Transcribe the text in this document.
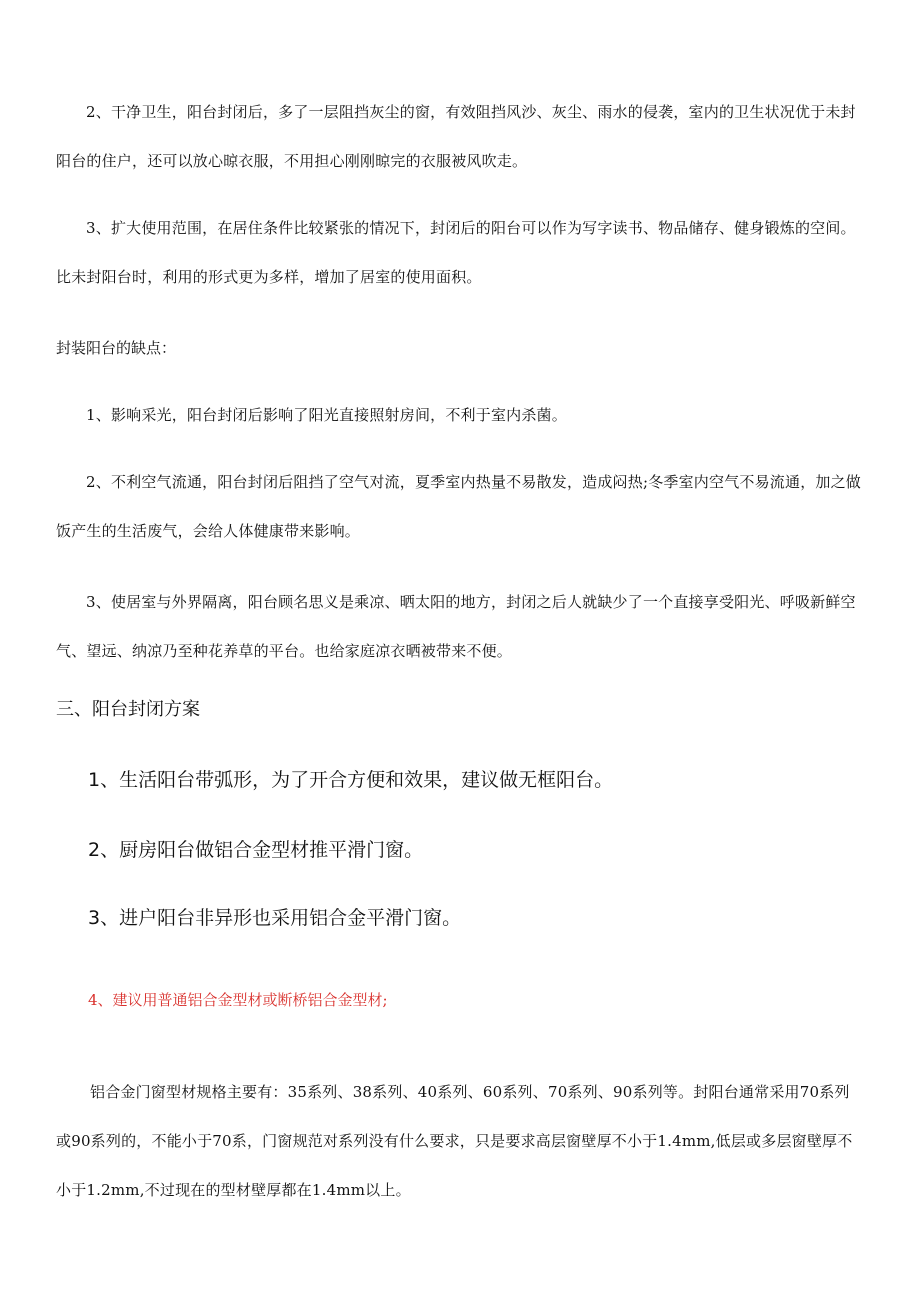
2、干净卫生，阳台封闭后，多了一层阻挡灰尘的窗，有效阻挡风沙、灰尘、雨水的侵袭，室内的卫生状况优于未封阳台的住户，还可以放心晾衣服，不用担心刚刚晾完的衣服被风吹走。

3、扩大使用范围，在居住条件比较紧张的情况下，封闭后的阳台可以作为写字读书、物品储存、健身锻炼的空间。比未封阳台时，利用的形式更为多样，增加了居室的使用面积。

封装阳台的缺点：

1、影响采光，阳台封闭后影响了阳光直接照射房间，不利于室内杀菌。

2、不利空气流通，阳台封闭后阻挡了空气对流，夏季室内热量不易散发，造成闷热;冬季室内空气不易流通，加之做饭产生的生活废气，会给人体健康带来影响。

3、使居室与外界隔离，阳台顾名思义是乘凉、晒太阳的地方，封闭之后人就缺少了一个直接享受阳光、呼吸新鲜空气、望远、纳凉乃至种花养草的平台。也给家庭凉衣晒被带来不便。

三、阳台封闭方案

1、生活阳台带弧形，为了开合方便和效果，建议做无框阳台。

2、厨房阳台做铝合金型材推平滑门窗。

3、进户阳台非异形也采用铝合金平滑门窗。

4、建议用普通铝合金型材或断桥铝合金型材;

铝合金门窗型材规格主要有：35系列、38系列、40系列、60系列、70系列、90系列等。封阳台通常采用70系列或90系列的，不能小于70系，门窗规范对系列没有什么要求，只是要求高层窗壁厚不小于1.4mm,低层或多层窗壁厚不小于1.2mm,不过现在的型材壁厚都在1.4mm以上。
